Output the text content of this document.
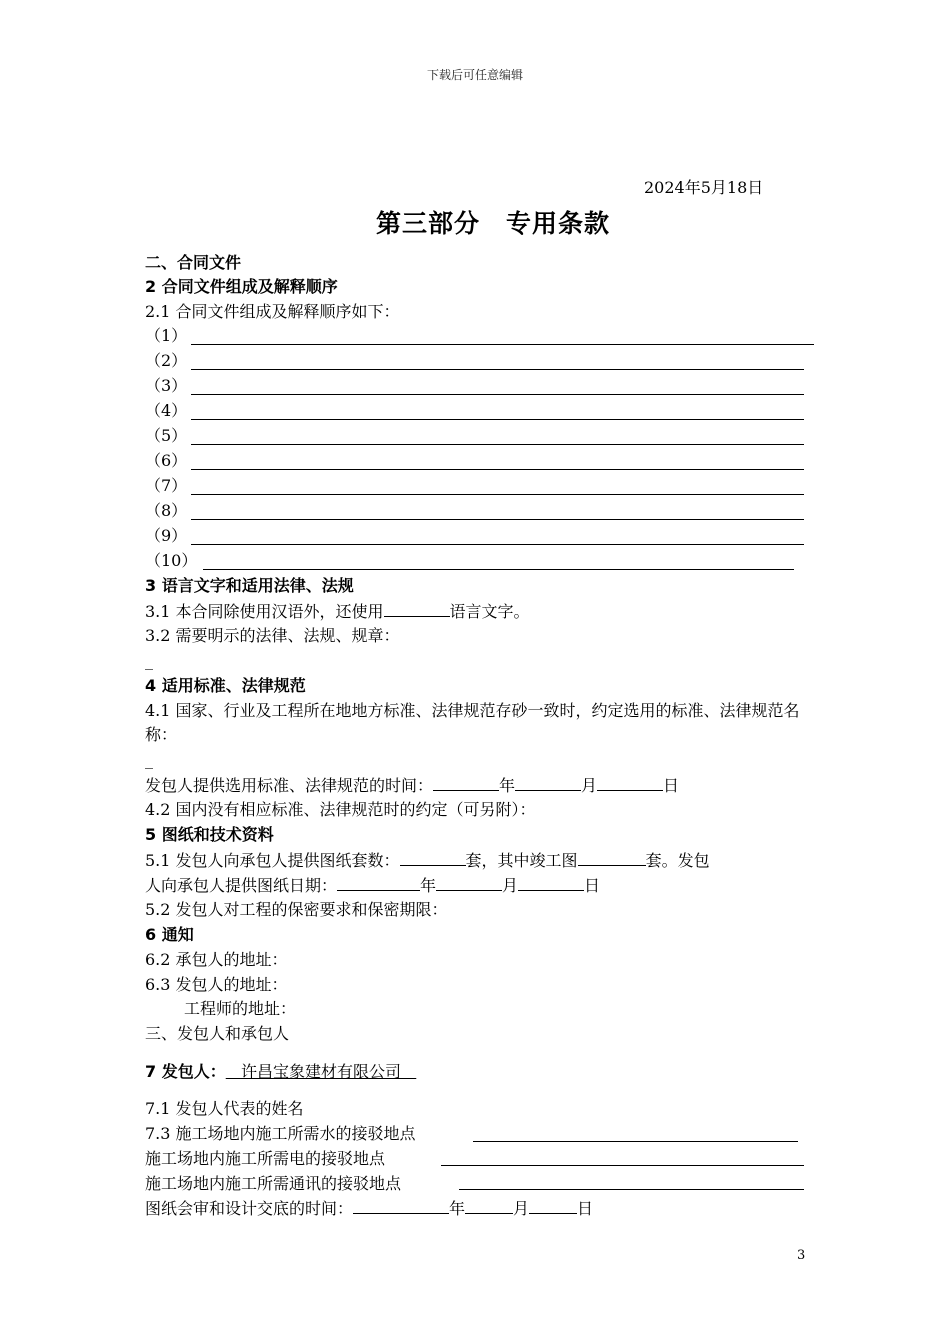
下载后可任意编辑
2024年5月18日
第三部分　专用条款
二、合同文件
2 合同文件组成及解释顺序
2.1 合同文件组成及解释顺序如下：
（1）
（2）
（3）
（4）
（5）
（6）
（7）
（8）
（9）
（10）
3 语言文字和适用法律、法规
3.1 本合同除使用汉语外，还使用	语言文字。
3.2 需要明示的法律、法规、规章：
_
4 适用标准、法律规范
4.1 国家、行业及工程所在地地方标准、法律规范存砂一致时，约定选用的标准、法律规范名称：
_
发包人提供选用标准、法律规范的时间：	年	月	日
4.2 国内没有相应标准、法律规范时的约定（可另附）：
5 图纸和技术资料
5.1 发包人向承包人提供图纸套数：	套，其中竣工图	套。发包
人向承包人提供图纸日期：	年	月	日
5.2 发包人对工程的保密要求和保密期限：
6 通知
6.2 承包人的地址：
6.3 发包人的地址：
工程师的地址：
三、发包人和承包人
7 发包人： 许昌宝象建材有限公司
7.1 发包人代表的姓名
7.3 施工场地内施工所需水的接驳地点
施工场地内施工所需电的接驳地点
施工场地内施工所需通讯的接驳地点
图纸会审和设计交底的时间：	年	月	日
3
